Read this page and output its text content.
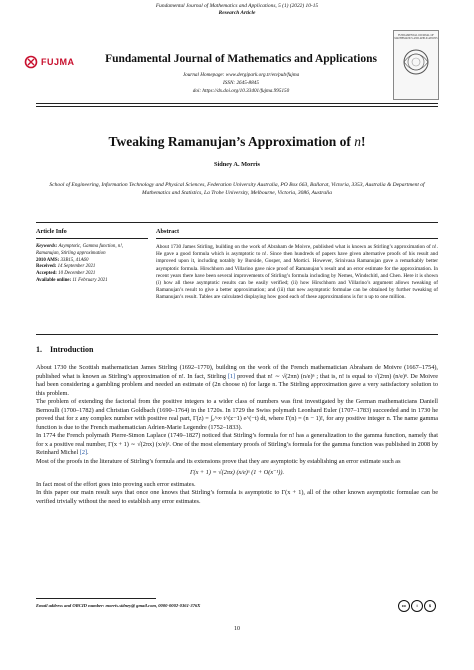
Fundamental Journal of Mathematics and Applications, 5 (1) (2022) 10-15
Research Article
FUJMA	Fundamental Journal of Mathematics and Applications
Journal Homepage: www.dergipark.org.tr/en/pub/fujma
ISSN: 2645-8845
doi: https://dx.doi.org/10.33401/fujma.995150
FUNDAMENTAL JOURNAL OF MATHEMATICS AND APPLICATIONS
Tweaking Ramanujan’s Approximation of n!
Sidney A. Morris
School of Engineering, Information Technology and Physical Sciences, Federation University Australia, PO Box 663, Ballarat, Victoria, 3353, Australia & Department of Mathematics and Statistics, La Trobe University, Melbourne, Victoria, 3086, Australia
Article Info	Abstract
Keywords: Asymptotic, Gamma function, n!, Ramanujan, Stirling approximation
2010 AMS: 33B15, 41A60
Received: 14 September 2021
Accepted: 10 December 2021
Available online: 11 February 2021
About 1730 James Stirling, building on the work of Abraham de Moivre, published what is known as Stirling’s approximation of n!. He gave a good formula which is asymptotic to n!. Since then hundreds of papers have given alternative proofs of his result and improved upon it, including notably by Burside, Gosper, and Mortici. However, Srinivasa Ramanujan gave a remarkably better asymptotic formula. Hirschhorn and Villarino gave nice proof of Ramanujan’s result and an error estimate for the approximation. In recent years there have been several improvements of Stirling’s formula including by Nemes, Windschitl, and Chen. Here it is shown (i) how all these asymptotic results can be easily verified; (ii) how Hirschhorn and Villarino’s argument allows tweaking of Ramanujan’s result to give a better approximation; and (iii) that new asymptotic formulae can be obtained by further tweaking of Ramanujan’s result. Tables are calculated displaying how good each of these approximations is for n up to one million.
1. Introduction

About 1730 the Scottish mathematician James Stirling (1692–1770), building on the work of the French mathematician Abraham de Moivre (1667–1754), published what is known as Stirling’s approximation of n!. In fact, Stirling [1] proved that n! ∼ √(2πn) (n/e)ⁿ ; that is, n! is equal to √(2πn) (n/e)ⁿ. De Moivre had been considering a gambling problem and needed an estimate of (2n choose n) for large n. The Stirling approximation gave a very satisfactory solution to this problem.

The problem of extending the factorial from the positive integers to a wider class of numbers was first investigated by the German mathematicians Daniell Bernoulli (1700–1782) and Christian Goldbach (1690–1764) in the 1720s. In 1729 the Swiss polymath Leonhard Euler (1707–1783) succeeded and in 1730 he proved that for z any complex number with positive real part, Γ(z) = ∫₀^∞ t^(z−1) e^(−t) dt, where Γ(n) = (n − 1)!, for any positive integer n. The name gamma function is due to the French mathematician Adrien-Marie Legendre (1752–1833).

In 1774 the French polymath Pierre-Simon Laplace (1749–1827) noticed that Stirling’s formula for n! has a generalization to the gamma function, namely that for x a positive real number, Γ(x + 1) ∼ √(2πx) (x/e)ˣ. One of the most elementary proofs of Stirling’s formula for the gamma function was published in 2008 by Reinhard Michel [2].

Most of the proofs in the literature of Stirling’s formula and its extensions prove that they are asymptotic by establishing an error estimate such as

Γ(x + 1) = √(2πx) (x/e)ˣ (1 + O(x⁻¹)).

In fact most of the effort goes into proving such error estimates.

In this paper our main result says that once one knows that Stirling’s formula is asymptotic to Γ(x + 1), all of the other known asymptotic formulae can be verified trivially without the need to establish any error estimates.

Email address and ORCID number: morris.sidney@ gmail.com, 0000-0002-0361-376X	cc	i	$
10
